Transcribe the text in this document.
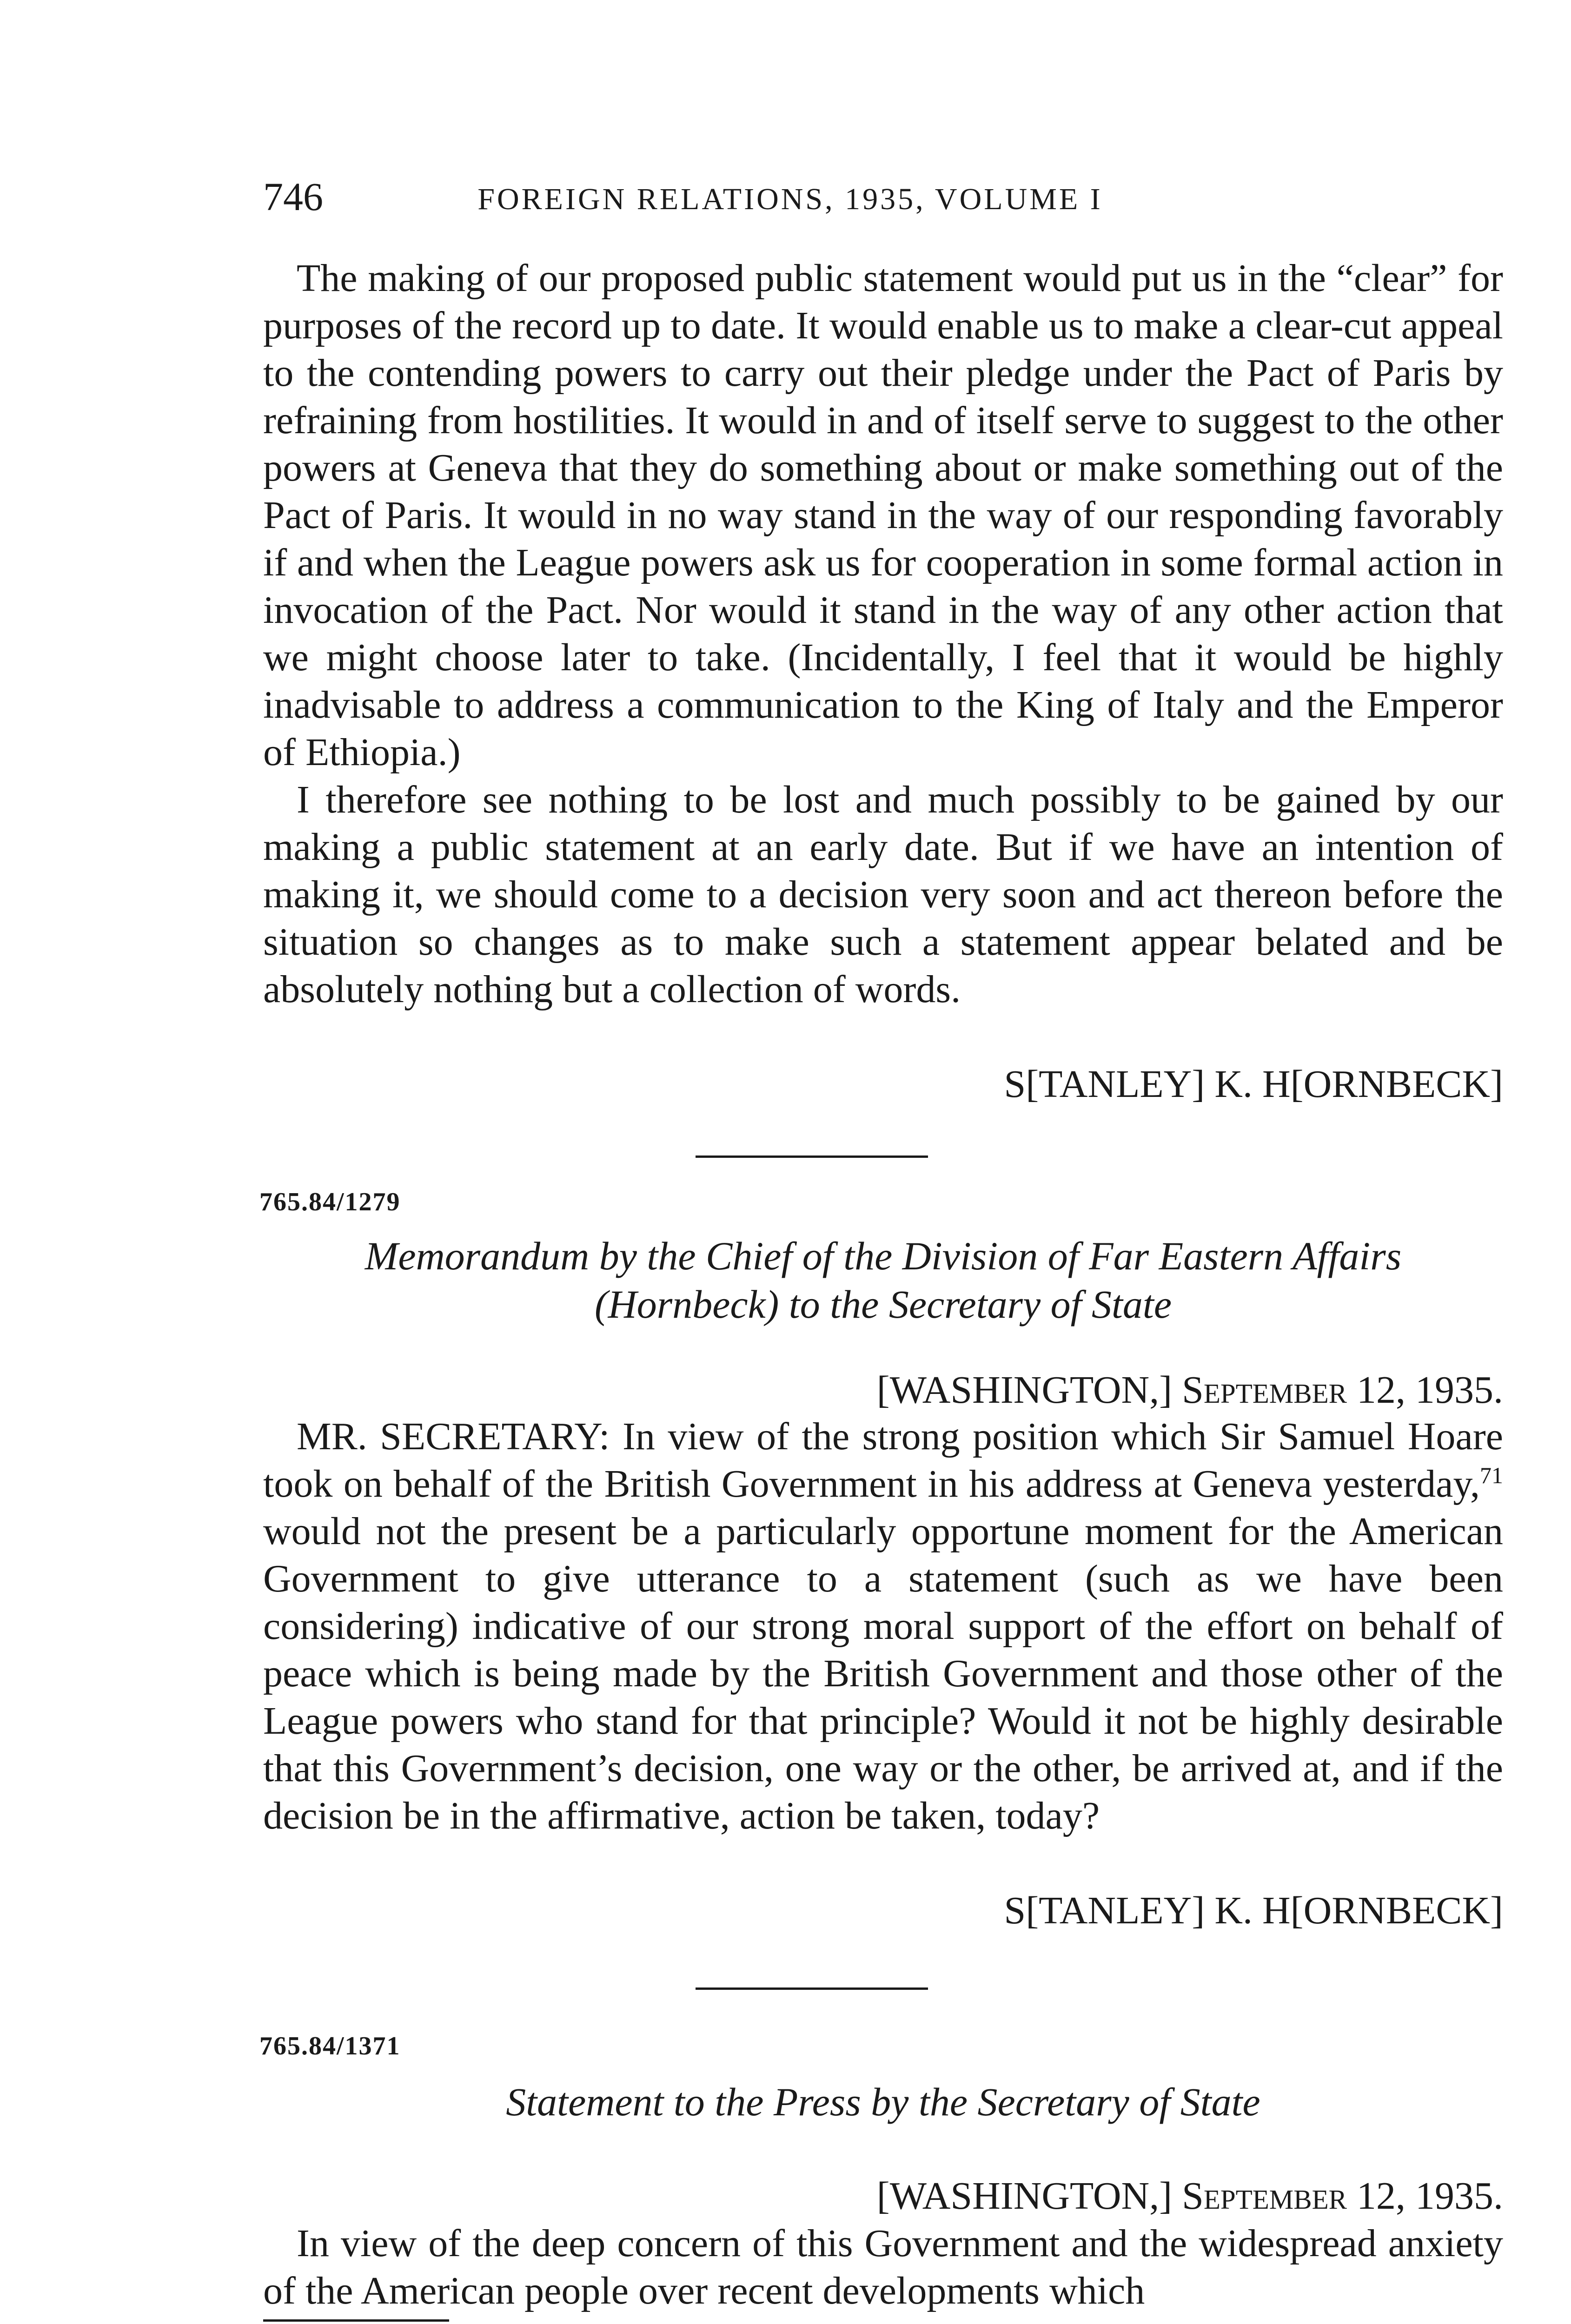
746	FOREIGN RELATIONS, 1935, VOLUME I

The making of our proposed public statement would put us in the “clear” for purposes of the record up to date. It would enable us to make a clear-cut appeal to the contending powers to carry out their pledge under the Pact of Paris by refraining from hostilities. It would in and of itself serve to suggest to the other powers at Geneva that they do something about or make something out of the Pact of Paris. It would in no way stand in the way of our responding favorably if and when the League powers ask us for cooperation in some formal action in invocation of the Pact. Nor would it stand in the way of any other action that we might choose later to take. (Incidentally, I feel that it would be highly inadvisable to address a communication to the King of Italy and the Emperor of Ethiopia.)

I therefore see nothing to be lost and much possibly to be gained by our making a public statement at an early date. But if we have an intention of making it, we should come to a decision very soon and act thereon before the situation so changes as to make such a statement appear belated and be absolutely nothing but a collection of words.

S[TANLEY] K. H[ORNBECK]
765.84/1279
Memorandum by the Chief of the Division of Far Eastern Affairs
(Hornbeck) to the Secretary of State
[WASHINGTON,] September 12, 1935.

MR. SECRETARY: In view of the strong position which Sir Samuel Hoare took on behalf of the British Government in his address at Geneva yesterday,$^{71}$ would not the present be a particularly opportune moment for the American Government to give utterance to a statement (such as we have been considering) indicative of our strong moral support of the effort on behalf of peace which is being made by the British Government and those other of the League powers who stand for that principle? Would it not be highly desirable that this Government’s decision, one way or the other, be arrived at, and if the decision be in the affirmative, action be taken, today?

S[TANLEY] K. H[ORNBECK]
765.84/1371
Statement to the Press by the Secretary of State
[WASHINGTON,] September 12, 1935.

In view of the deep concern of this Government and the widespread anxiety of the American people over recent developments which
